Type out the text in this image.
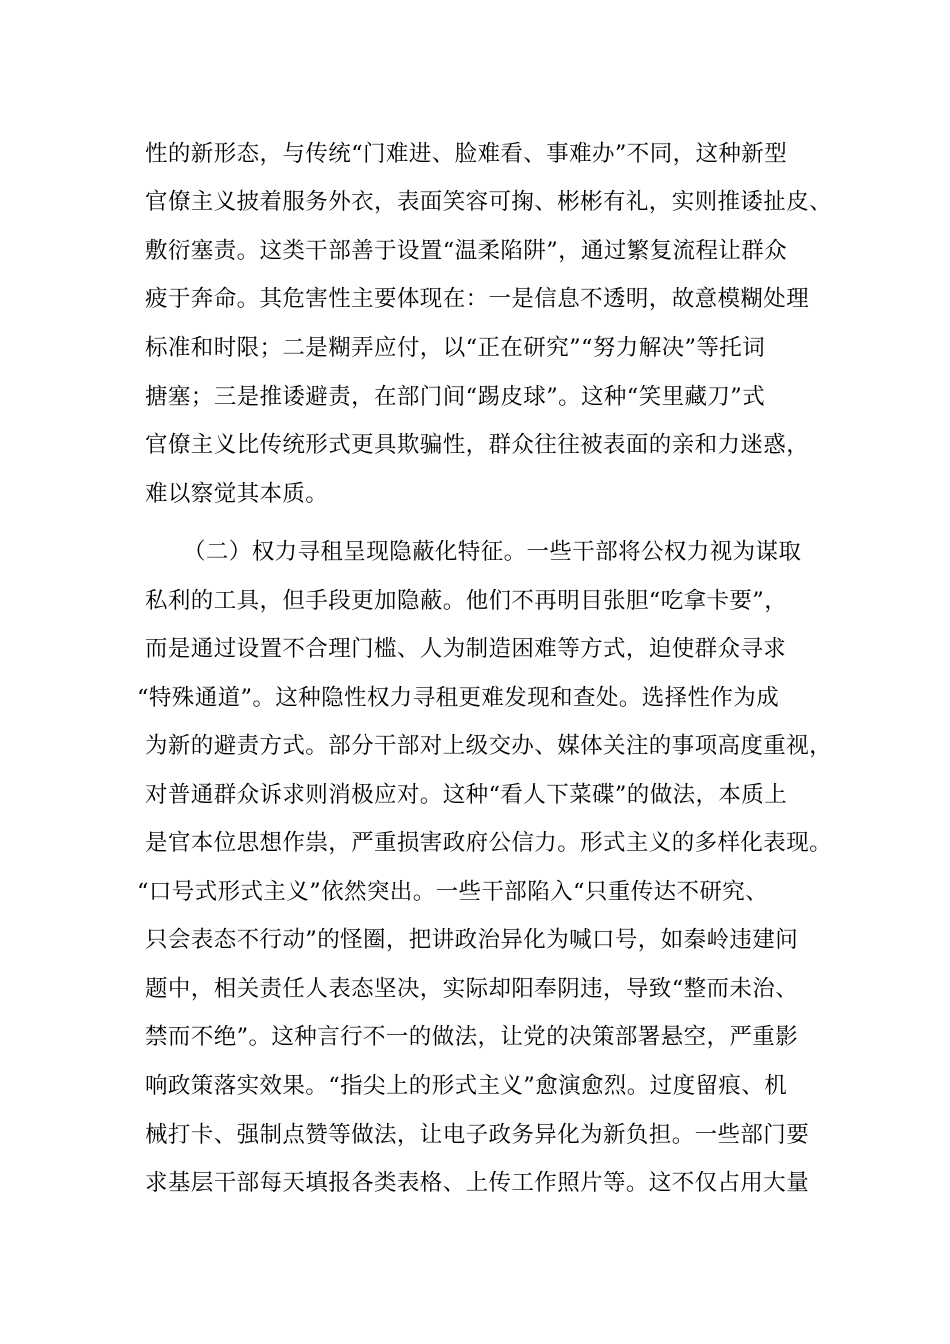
性的新形态，与传统“门难进、脸难看、事难办”不同，这种新型
官僚主义披着服务外衣，表面笑容可掬、彬彬有礼，实则推诿扯皮、
敷衍塞责。这类干部善于设置“温柔陷阱”，通过繁复流程让群众
疲于奔命。其危害性主要体现在：一是信息不透明，故意模糊处理
标准和时限；二是糊弄应付，以“正在研究”“努力解决”等托词
搪塞；三是推诿避责，在部门间“踢皮球”。这种“笑里藏刀”式
官僚主义比传统形式更具欺骗性，群众往往被表面的亲和力迷惑，
难以察觉其本质。
（二）权力寻租呈现隐蔽化特征。一些干部将公权力视为谋取
私利的工具，但手段更加隐蔽。他们不再明目张胆“吃拿卡要”，
而是通过设置不合理门槛、人为制造困难等方式，迫使群众寻求
“特殊通道”。这种隐性权力寻租更难发现和查处。选择性作为成
为新的避责方式。部分干部对上级交办、媒体关注的事项高度重视，
对普通群众诉求则消极应对。这种“看人下菜碟”的做法，本质上
是官本位思想作祟，严重损害政府公信力。形式主义的多样化表现。
“口号式形式主义”依然突出。一些干部陷入“只重传达不研究、
只会表态不行动”的怪圈，把讲政治异化为喊口号，如秦岭违建问
题中，相关责任人表态坚决，实际却阳奉阴违，导致“整而未治、
禁而不绝”。这种言行不一的做法，让党的决策部署悬空，严重影
响政策落实效果。“指尖上的形式主义”愈演愈烈。过度留痕、机
械打卡、强制点赞等做法，让电子政务异化为新负担。一些部门要
求基层干部每天填报各类表格、上传工作照片等。这不仅占用大量
